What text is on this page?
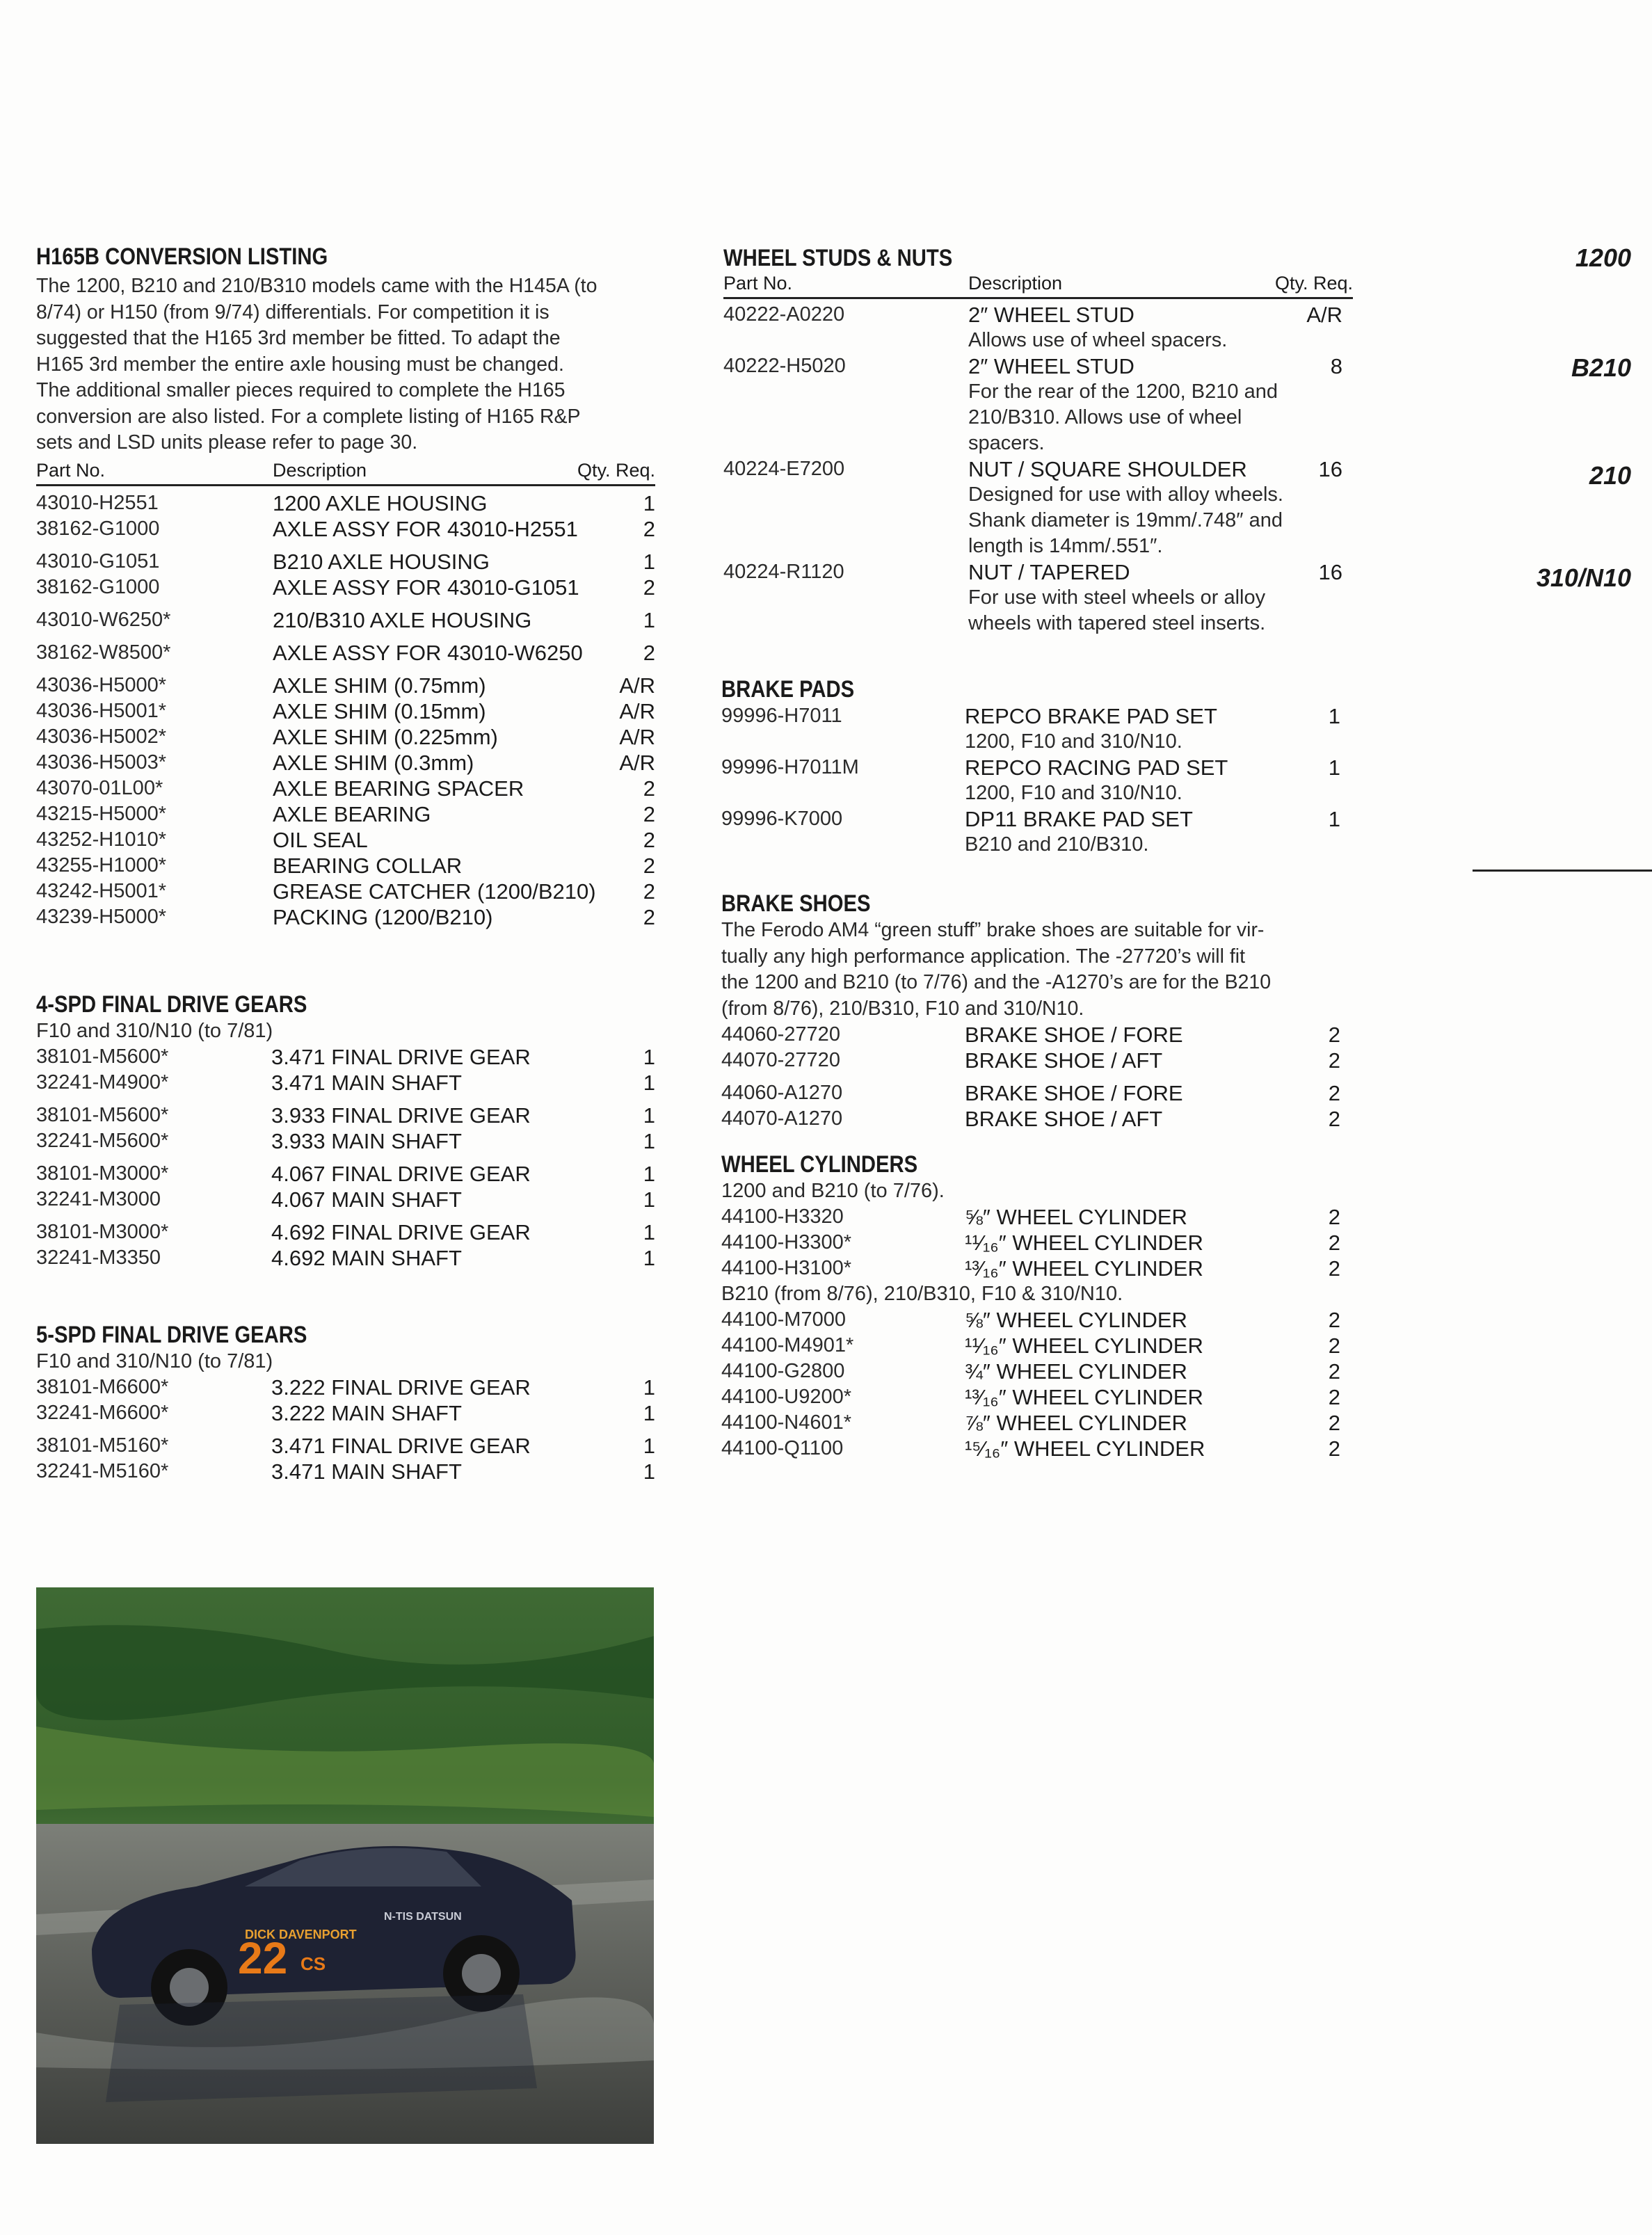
H165B CONVERSION LISTING
The 1200, B210 and 210/B310 models came with the H145A (to
8/74) or H150 (from 9/74) differentials. For competition it is
suggested that the H165 3rd member be fitted. To adapt the
H165 3rd member the entire axle housing must be changed.
The additional smaller pieces required to complete the H165
conversion are also listed. For a complete listing of H165 R&P
sets and LSD units please refer to page 30.
Part No.	Description	Qty. Req.
43010-H2551	1200 AXLE HOUSING	1
38162-G1000	AXLE ASSY FOR 43010-H2551	2
43010-G1051	B210 AXLE HOUSING	1
38162-G1000	AXLE ASSY FOR 43010-G1051	2
43010-W6250*	210/B310 AXLE HOUSING	1
38162-W8500*	AXLE ASSY FOR 43010-W6250	2
43036-H5000*	AXLE SHIM (0.75mm)	A/R
43036-H5001*	AXLE SHIM (0.15mm)	A/R
43036-H5002*	AXLE SHIM (0.225mm)	A/R
43036-H5003*	AXLE SHIM (0.3mm)	A/R
43070-01L00*	AXLE BEARING SPACER	2
43215-H5000*	AXLE BEARING	2
43252-H1010*	OIL SEAL	2
43255-H1000*	BEARING COLLAR	2
43242-H5001*	GREASE CATCHER (1200/B210)	2
43239-H5000*	PACKING (1200/B210)	2
4-SPD FINAL DRIVE GEARS
F10 and 310/N10 (to 7/81)
38101-M5600*	3.471 FINAL DRIVE GEAR	1
32241-M4900*	3.471 MAIN SHAFT	1
38101-M5600*	3.933 FINAL DRIVE GEAR	1
32241-M5600*	3.933 MAIN SHAFT	1
38101-M3000*	4.067 FINAL DRIVE GEAR	1
32241-M3000	4.067 MAIN SHAFT	1
38101-M3000*	4.692 FINAL DRIVE GEAR	1
32241-M3350	4.692 MAIN SHAFT	1
5-SPD FINAL DRIVE GEARS
F10 and 310/N10 (to 7/81)
38101-M6600*	3.222 FINAL DRIVE GEAR	1
32241-M6600*	3.222 MAIN SHAFT	1
38101-M5160*	3.471 FINAL DRIVE GEAR	1
32241-M5160*	3.471 MAIN SHAFT	1
WHEEL STUDS & NUTS
Part No.	Description	Qty. Req.
40222-A0220	2″ WHEEL STUD	A/R
Allows use of wheel spacers.
40222-H5020	2″ WHEEL STUD	8
For the rear of the 1200, B210 and
210/B310. Allows use of wheel
spacers.
40224-E7200	NUT / SQUARE SHOULDER	16
Designed for use with alloy wheels.
Shank diameter is 19mm/.748″ and
length is 14mm/.551″.
40224-R1120	NUT / TAPERED	16
For use with steel wheels or alloy
wheels with tapered steel inserts.
BRAKE PADS
99996-H7011	REPCO BRAKE PAD SET	1
1200, F10 and 310/N10.
99996-H7011M	REPCO RACING PAD SET	1
1200, F10 and 310/N10.
99996-K7000	DP11 BRAKE PAD SET	1
B210 and 210/B310.
BRAKE SHOES
The Ferodo AM4 “green stuff” brake shoes are suitable for vir-
tually any high performance application. The -27720’s will fit
the 1200 and B210 (to 7/76) and the -A1270’s are for the B210
(from 8/76), 210/B310, F10 and 310/N10.
44060-27720	BRAKE SHOE / FORE	2
44070-27720	BRAKE SHOE / AFT	2
44060-A1270	BRAKE SHOE / FORE	2
44070-A1270	BRAKE SHOE / AFT	2
WHEEL CYLINDERS
1200 and B210 (to 7/76).
44100-H3320	⅝″ WHEEL CYLINDER	2
44100-H3300*	¹¹⁄₁₆″ WHEEL CYLINDER	2
44100-H3100*	¹³⁄₁₆″ WHEEL CYLINDER	2
B210 (from 8/76), 210/B310, F10 & 310/N10.
44100-M7000	⅝″ WHEEL CYLINDER	2
44100-M4901*	¹¹⁄₁₆″ WHEEL CYLINDER	2
44100-G2800	¾″ WHEEL CYLINDER	2
44100-U9200*	¹³⁄₁₆″ WHEEL CYLINDER	2
44100-N4601*	⅞″ WHEEL CYLINDER	2
44100-Q1100	¹⁵⁄₁₆″ WHEEL CYLINDER	2
1200
B210
210
310/N10
DICK DAVENPORT
22 CS
N-TIS DATSUN
